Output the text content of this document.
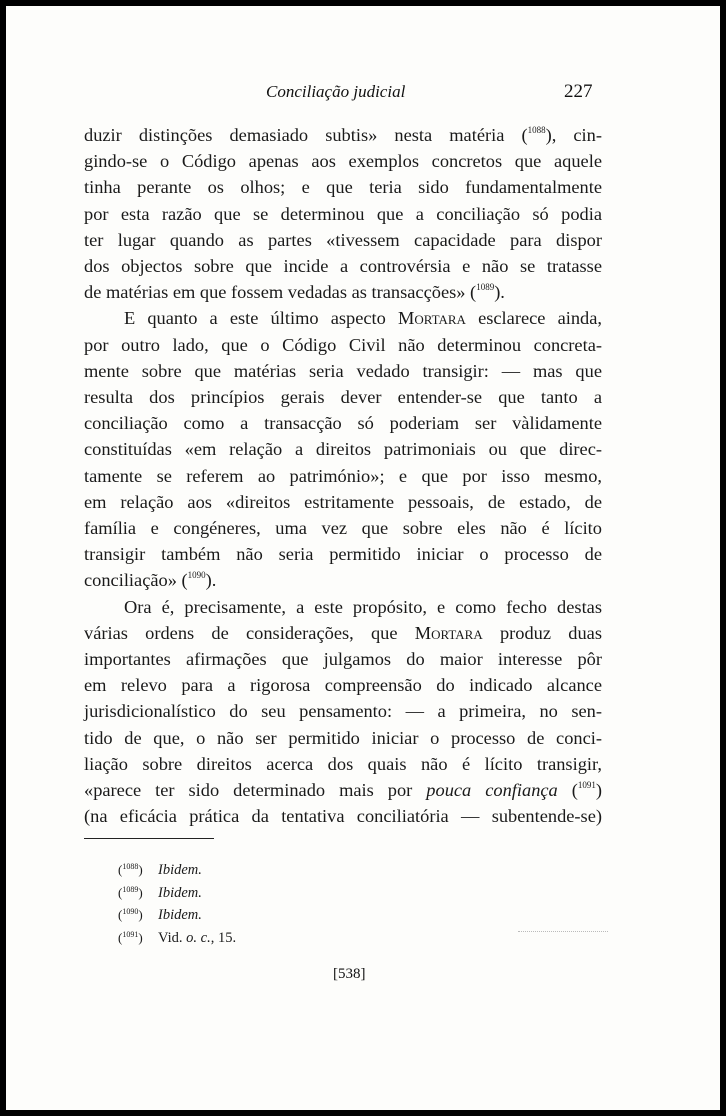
Conciliação judicial	227
duzir distinções demasiado subtis» nesta matéria ($^{1088}$), cin-
gindo-se o Código apenas aos exemplos concretos que aquele
tinha perante os olhos; e que teria sido fundamentalmente
por esta razão que se determinou que a conciliação só podia
ter lugar quando as partes «tivessem capacidade para dispor
dos objectos sobre que incide a controvérsia e não se tratasse
de matérias em que fossem vedadas as transacções» ($^{1089}$).
E quanto a este último aspecto Mortara esclarece ainda,
por outro lado, que o Código Civil não determinou concreta-
mente sobre que matérias seria vedado transigir: — mas que
resulta dos princípios gerais dever entender-se que tanto a
conciliação como a transacção só poderiam ser vàlidamente
constituídas «em relação a direitos patrimoniais ou que direc-
tamente se referem ao património»; e que por isso mesmo,
em relação aos «direitos estritamente pessoais, de estado, de
família e congéneres, uma vez que sobre eles não é lícito
transigir também não seria permitido iniciar o processo de
conciliação» ($^{1090}$).
Ora é, precisamente, a este propósito, e como fecho destas
várias ordens de considerações, que Mortara produz duas
importantes afirmações que julgamos do maior interesse pôr
em relevo para a rigorosa compreensão do indicado alcance
jurisdicionalístico do seu pensamento: — a primeira, no sen-
tido de que, o não ser permitido iniciar o processo de conci-
liação sobre direitos acerca dos quais não é lícito transigir,
«parece ter sido determinado mais por pouca confiança ($^{1091}$)
(na eficácia prática da tentativa conciliatória — subentende-se)
($^{1088}$) Ibidem.
($^{1089}$) Ibidem.
($^{1090}$) Ibidem.
($^{1091}$) Vid. o. c., 15.
[538]
